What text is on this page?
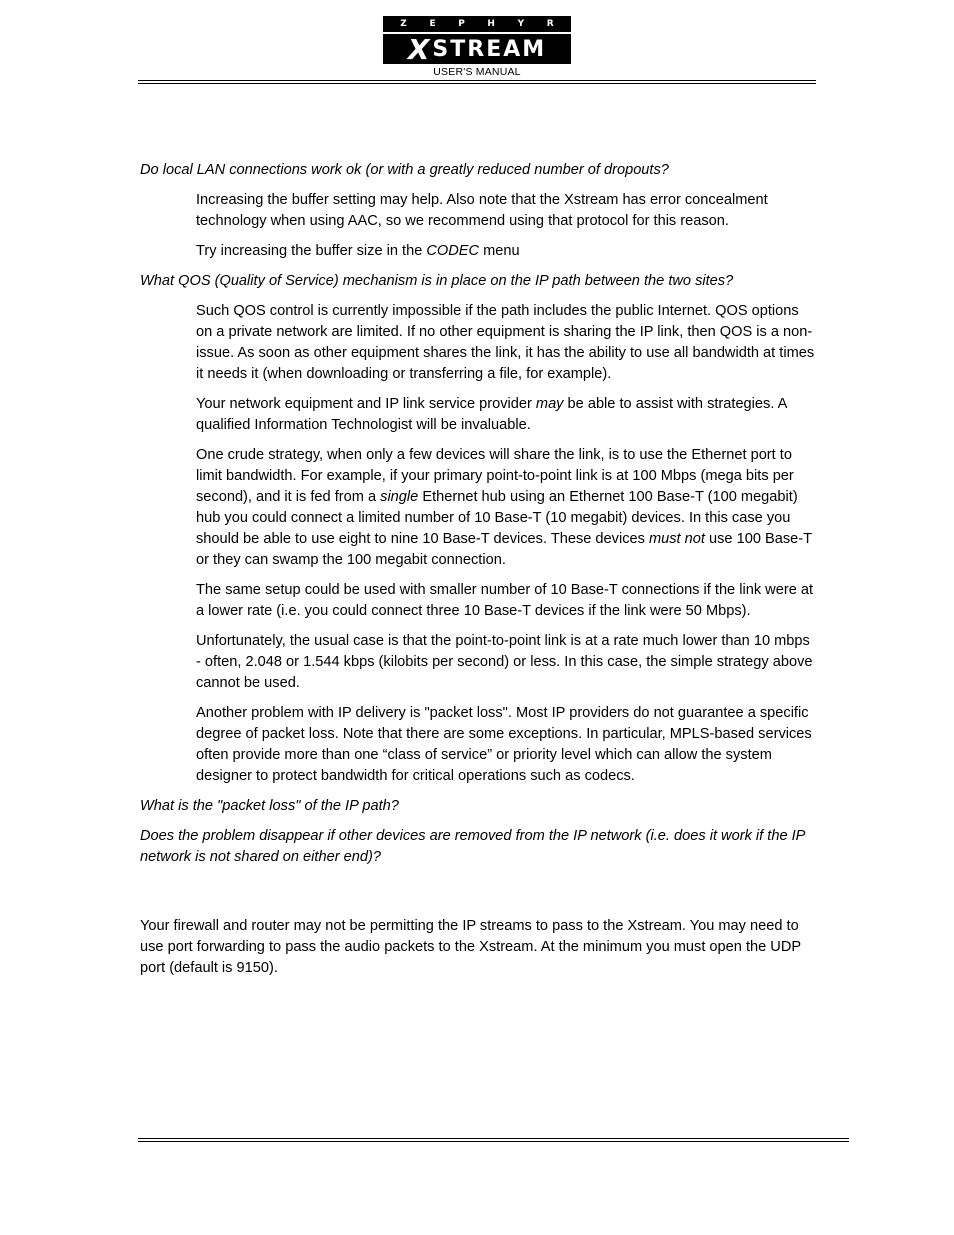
Z	E	P	H	Y	R
X STREAM
USER'S MANUAL

Do local LAN connections work ok (or with a greatly reduced number of dropouts?

Increasing the buffer setting may help. Also note that the Xstream has error concealment technology when using AAC, so we recommend using that protocol for this reason.

Try increasing the buffer size in the CODEC menu

What QOS (Quality of Service) mechanism is in place on the IP path between the two sites?

Such QOS control is currently impossible if the path includes the public Internet. QOS options on a private network are limited. If no other equipment is sharing the IP link, then QOS is a non-issue. As soon as other equipment shares the link, it has the ability to use all bandwidth at times it needs it (when downloading or transferring a file, for example).

Your network equipment and IP link service provider may be able to assist with strategies. A qualified Information Technologist will be invaluable.

One crude strategy, when only a few devices will share the link, is to use the Ethernet port to limit bandwidth. For example, if your primary point-to-point link is at 100 Mbps (mega bits per second), and it is fed from a single Ethernet hub using an Ethernet 100 Base-T (100 megabit) hub you could connect a limited number of 10 Base-T (10 megabit) devices. In this case you should be able to use eight to nine 10 Base-T devices. These devices must not use 100 Base-T or they can swamp the 100 megabit connection.

The same setup could be used with smaller number of 10 Base-T connections if the link were at a lower rate (i.e. you could connect three 10 Base-T devices if the link were 50 Mbps).

Unfortunately, the usual case is that the point-to-point link is at a rate much lower than 10 mbps - often, 2.048 or 1.544 kbps (kilobits per second) or less. In this case, the simple strategy above cannot be used.

Another problem with IP delivery is "packet loss". Most IP providers do not guarantee a specific degree of packet loss. Note that there are some exceptions. In particular, MPLS-based services often provide more than one “class of service” or priority level which can allow the system designer to protect bandwidth for critical operations such as codecs.

What is the "packet loss" of the IP path?

Does the problem disappear if other devices are removed from the IP network (i.e. does it work if the IP network is not shared on either end)?

Your firewall and router may not be permitting the IP streams to pass to the Xstream. You may need to use port forwarding to pass the audio packets to the Xstream. At the minimum you must open the UDP port (default is 9150).
